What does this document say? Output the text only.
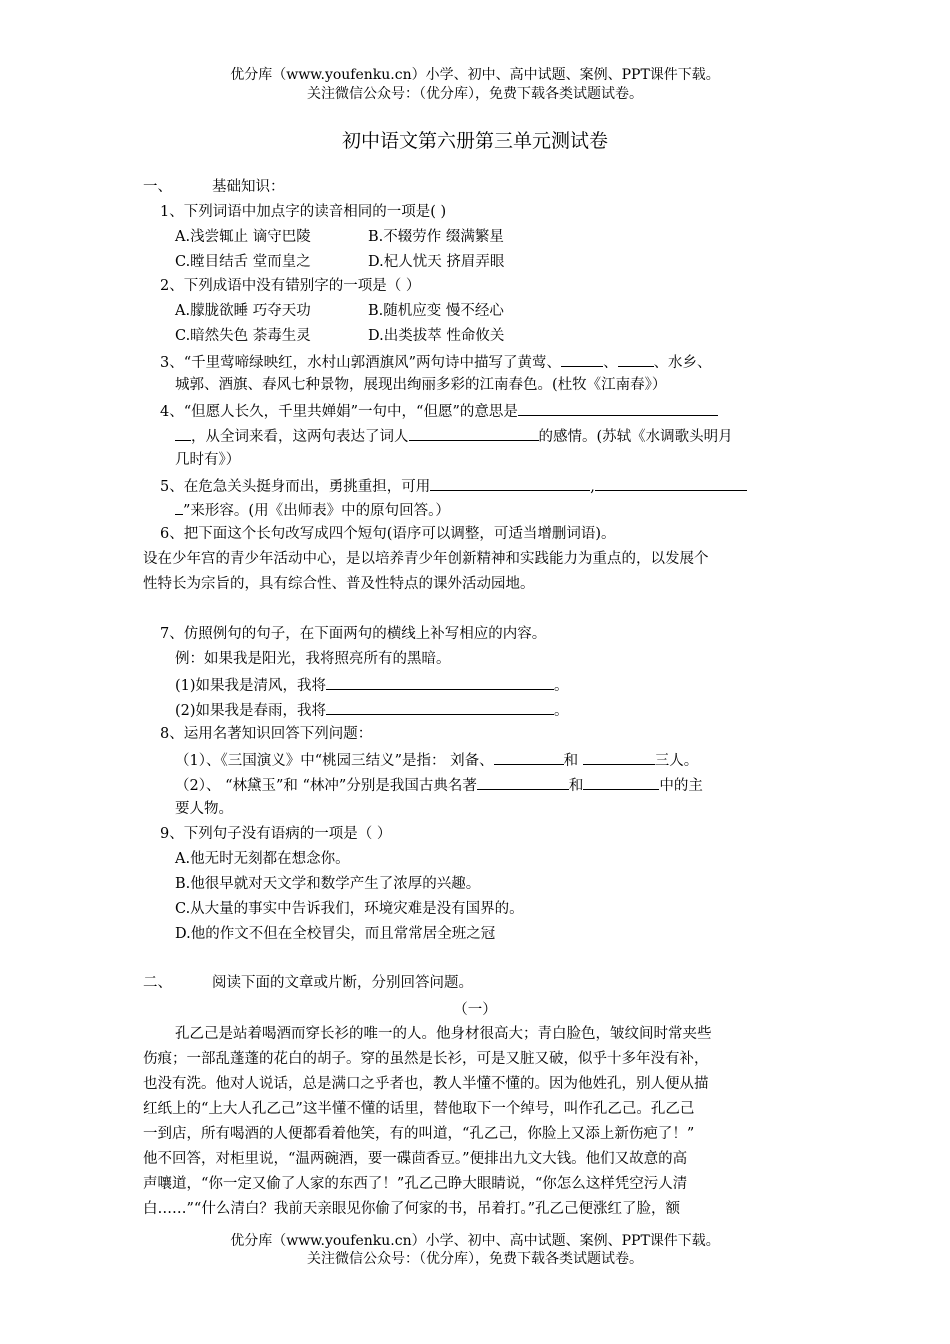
优分库（www.youfenku.cn）小学、初中、高中试题、案例、PPT课件下载。
关注微信公众号：（优分库），免费下载各类试题试卷。
初中语文第六册第三单元测试卷
一、	基础知识：
1、下列词语中加点字的读音相同的一项是( )
A.浅尝辄止 谪守巴陵	B.不辍劳作 缀满繁星
C.瞠目结舌 堂而皇之	D.杞人忧天 挤眉弄眼
2、下列成语中没有错别字的一项是（ ）
A.朦胧欲睡 巧夺天功	B.随机应变 慢不经心
C.暗然失色 荼毒生灵	D.出类拔萃 性命攸关
3、“千里莺啼绿映红，水村山郭酒旗风”两句诗中描写了黄莺、	、 、水乡、
城郭、酒旗、春风七种景物，展现出绚丽多彩的江南春色。(杜牧《江南春》）
4、“但愿人长久，千里共婵娟”一句中，“但愿”的意思是
，从全词来看，这两句表达了词人	的感情。(苏轼《水调歌头明月
几时有》）
5、在危急关头挺身而出，勇挑重担，可用	,
”来形容。(用《出师表》中的原句回答。）
6、把下面这个长句改写成四个短句(语序可以调整，可适当增删词语)。
设在少年宫的青少年活动中心，是以培养青少年创新精神和实践能力为重点的，以发展个
性特长为宗旨的，具有综合性、普及性特点的课外活动园地。
7、仿照例句的句子，在下面两句的横线上补写相应的内容。
例：如果我是阳光，我将照亮所有的黑暗。
(1)如果我是清风，我将	。
(2)如果我是春雨，我将	。
8、运用名著知识回答下列问题：
（1）、《三国演义》中“桃园三结义”是指： 刘备、	和	三人。
（2）、 “林黛玉”和 “林冲”分别是我国古典名著	和	中的主
要人物。
9、下列句子没有语病的一项是（ ）
A.他无时无刻都在想念你。
B.他很早就对天文学和数学产生了浓厚的兴趣。
C.从大量的事实中告诉我们，环境灾难是没有国界的。
D.他的作文不但在全校冒尖，而且常常居全班之冠
二、	阅读下面的文章或片断，分别回答问题。
（一）
孔乙己是站着喝酒而穿长衫的唯一的人。他身材很高大；青白脸色，皱纹间时常夹些
伤痕；一部乱蓬蓬的花白的胡子。穿的虽然是长衫，可是又脏又破，似乎十多年没有补，
也没有洗。他对人说话，总是满口之乎者也，教人半懂不懂的。因为他姓孔，别人便从描
红纸上的“上大人孔乙己”这半懂不懂的话里，替他取下一个绰号，叫作孔乙己。孔乙己
一到店，所有喝酒的人便都看着他笑，有的叫道，“孔乙己，你脸上又添上新伤疤了！”
他不回答，对柜里说，“温两碗酒，要一碟茴香豆。”便排出九文大钱。他们又故意的高
声嚷道，“你一定又偷了人家的东西了！”孔乙己睁大眼睛说，“你怎么这样凭空污人清
白……”“什么清白？我前天亲眼见你偷了何家的书，吊着打。”孔乙己便涨红了脸，额
优分库（www.youfenku.cn）小学、初中、高中试题、案例、PPT课件下载。
关注微信公众号：（优分库），免费下载各类试题试卷。
